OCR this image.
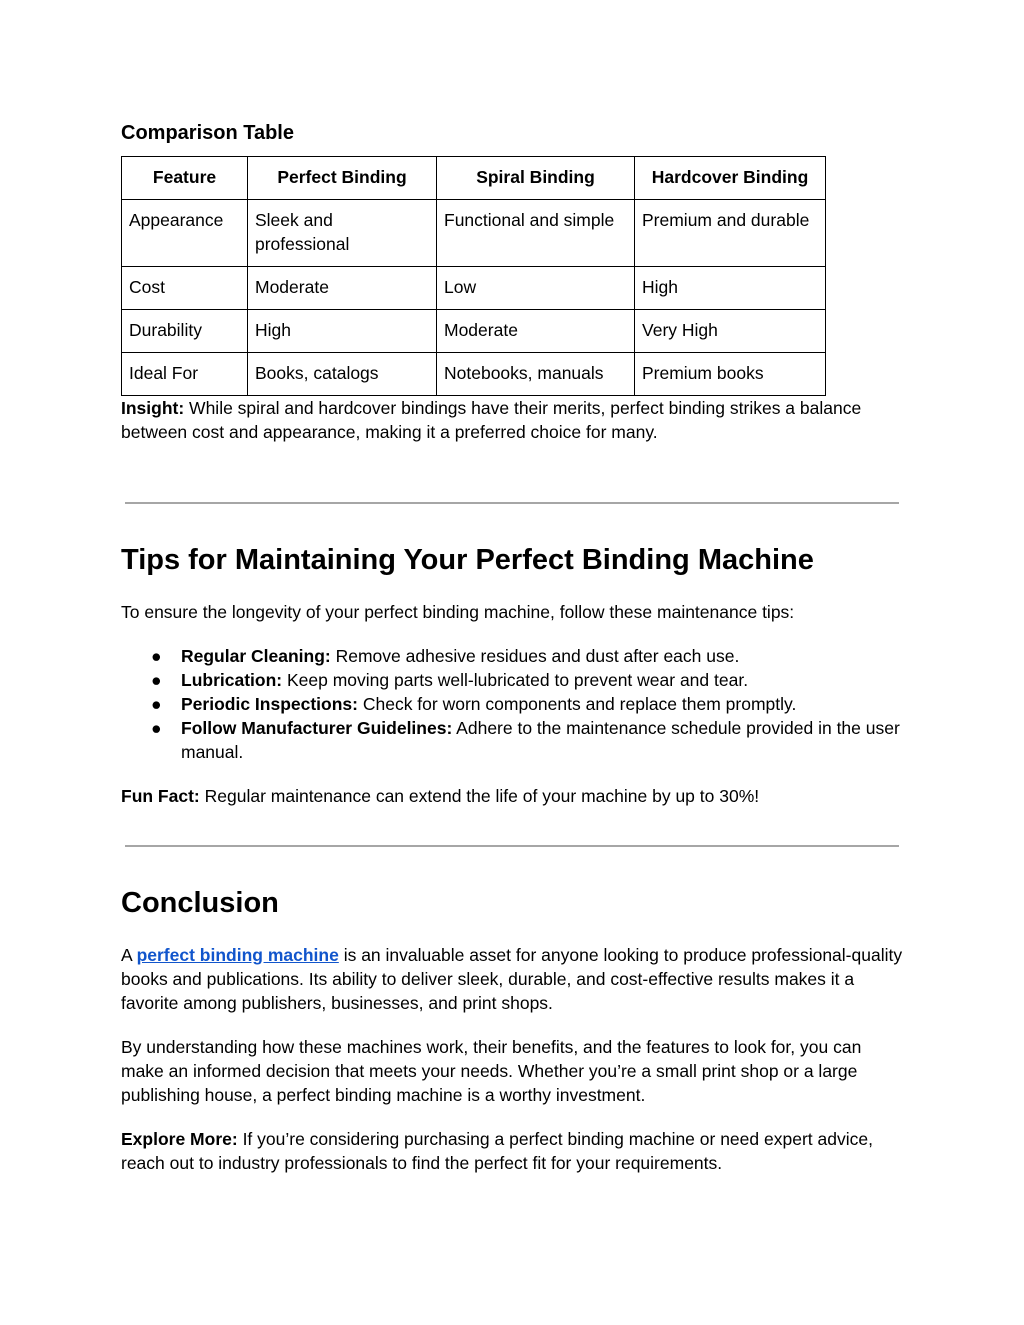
Comparison Table
Feature	Perfect Binding	Spiral Binding	Hardcover Binding
Appearance	Sleek and professional	Functional and simple	Premium and durable
Cost	Moderate	Low	High
Durability	High	Moderate	Very High
Ideal For	Books, catalogs	Notebooks, manuals	Premium books

Insight: While spiral and hardcover bindings have their merits, perfect binding strikes a balance between cost and appearance, making it a preferred choice for many.

Tips for Maintaining Your Perfect Binding Machine

To ensure the longevity of your perfect binding machine, follow these maintenance tips:

● Regular Cleaning: Remove adhesive residues and dust after each use.
● Lubrication: Keep moving parts well-lubricated to prevent wear and tear.
● Periodic Inspections: Check for worn components and replace them promptly.
● Follow Manufacturer Guidelines: Adhere to the maintenance schedule provided in the user manual.

Fun Fact: Regular maintenance can extend the life of your machine by up to 30%!

Conclusion

A perfect binding machine is an invaluable asset for anyone looking to produce professional-quality books and publications. Its ability to deliver sleek, durable, and cost-effective results makes it a favorite among publishers, businesses, and print shops.

By understanding how these machines work, their benefits, and the features to look for, you can make an informed decision that meets your needs. Whether you’re a small print shop or a large publishing house, a perfect binding machine is a worthy investment.

Explore More: If you’re considering purchasing a perfect binding machine or need expert advice, reach out to industry professionals to find the perfect fit for your requirements.
